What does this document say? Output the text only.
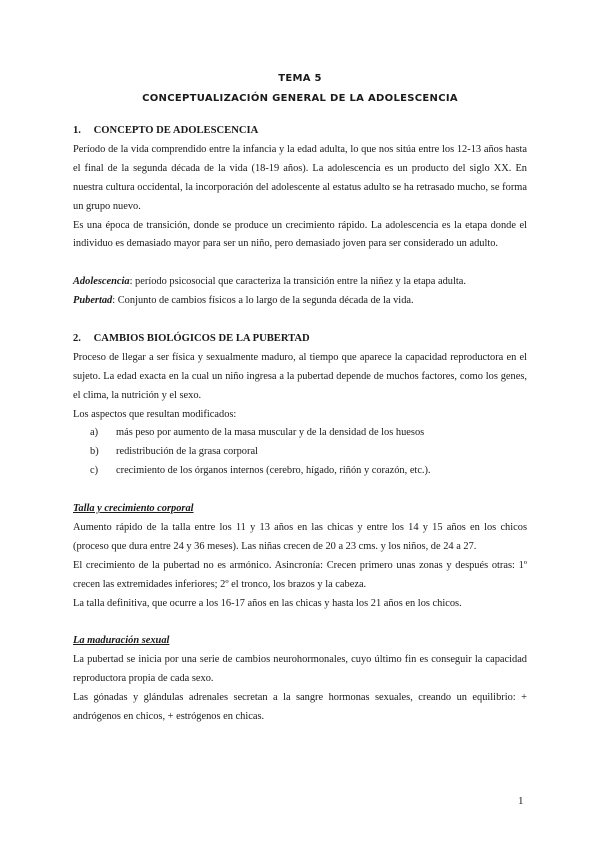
TEMA 5
CONCEPTUALIZACIÓN GENERAL DE LA ADOLESCENCIA
1. CONCEPTO DE ADOLESCENCIA
Período de la vida comprendido entre la infancia y la edad adulta, lo que nos sitúa entre los 12-13 años hasta el final de la segunda década de la vida (18-19 años). La adolescencia es un producto del siglo XX. En nuestra cultura occidental, la incorporación del adolescente al estatus adulto se ha retrasado mucho, se forma un grupo nuevo.
Es una época de transición, donde se produce un crecimiento rápido. La adolescencia es la etapa donde el individuo es demasiado mayor para ser un niño, pero demasiado joven para ser considerado un adulto.
Adolescencia: período psicosocial que caracteriza la transición entre la niñez y la etapa adulta.
Pubertad: Conjunto de cambios físicos a lo largo de la segunda década de la vida.
2. CAMBIOS BIOLÓGICOS DE LA PUBERTAD
Proceso de llegar a ser física y sexualmente maduro, al tiempo que aparece la capacidad reproductora en el sujeto. La edad exacta en la cual un niño ingresa a la pubertad depende de muchos factores, como los genes, el clima, la nutrición y el sexo.
Los aspectos que resultan modificados:
a)	más peso por aumento de la masa muscular y de la densidad de los huesos
b)	redistribución de la grasa corporal
c)	crecimiento de los órganos internos (cerebro, hígado, riñón y corazón, etc.).
Talla y crecimiento corporal
Aumento rápido de la talla entre los 11 y 13 años en las chicas y entre los 14 y 15 años en los chicos (proceso que dura entre 24 y 36 meses). Las niñas crecen de 20 a 23 cms. y los niños, de 24 a 27.
El crecimiento de la pubertad no es armónico. Asincronía: Crecen primero unas zonas y después otras: 1º crecen las extremidades inferiores; 2º el tronco, los brazos y la cabeza.
La talla definitiva, que ocurre a los 16-17 años en las chicas y hasta los 21 años en los chicos.
La maduración sexual
La pubertad se inicia por una serie de cambios neurohormonales, cuyo último fin es conseguir la capacidad reproductora propia de cada sexo.
Las gónadas y glándulas adrenales secretan a la sangre hormonas sexuales, creando un equilibrio: + andrógenos en chicos, + estrógenos en chicas.
1
